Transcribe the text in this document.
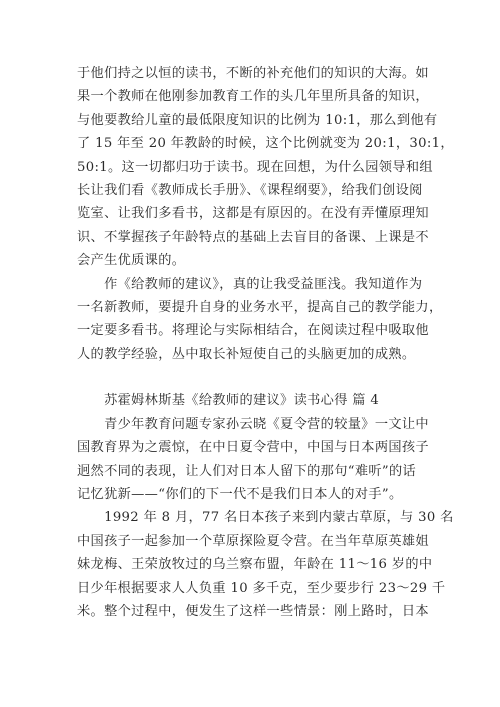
于他们持之以恒的读书，不断的补充他们的知识的大海。如
果一个教师在他刚参加教育工作的头几年里所具备的知识，
与他要教给儿童的最低限度知识的比例为 10:1，那么到他有
了 15 年至 20 年教龄的时候，这个比例就变为 20:1，30:1，
50:1。这一切都归功于读书。现在回想，为什么园领导和组
长让我们看《教师成长手册》、《课程纲要》，给我们创设阅
览室、让我们多看书，这都是有原因的。在没有弄懂原理知
识、不掌握孩子年龄特点的基础上去盲目的备课、上课是不
会产生优质课的。
　　作《给教师的建议》，真的让我受益匪浅。我知道作为
一名新教师，要提升自身的业务水平，提高自己的教学能力，
一定要多看书。将理论与实际相结合，在阅读过程中吸取他
人的教学经验，丛中取长补短使自己的头脑更加的成熟。
　　苏霍姆林斯基《给教师的建议》读书心得 篇 4
　　青少年教育问题专家孙云晓《夏令营的较量》一文让中
国教育界为之震惊，在中日夏令营中，中国与日本两国孩子
迥然不同的表现，让人们对日本人留下的那句“难听”的话
记忆犹新——“你们的下一代不是我们日本人的对手”。
　　1992 年 8 月，77 名日本孩子来到内蒙古草原，与 30 名
中国孩子一起参加一个草原探险夏令营。在当年草原英雄姐
妹龙梅、王荣放牧过的乌兰察布盟，年龄在 11～16 岁的中
日少年根据要求人人负重 10 多千克，至少要步行 23～29 千
米。整个过程中，便发生了这样一些情景：刚上路时，日本
